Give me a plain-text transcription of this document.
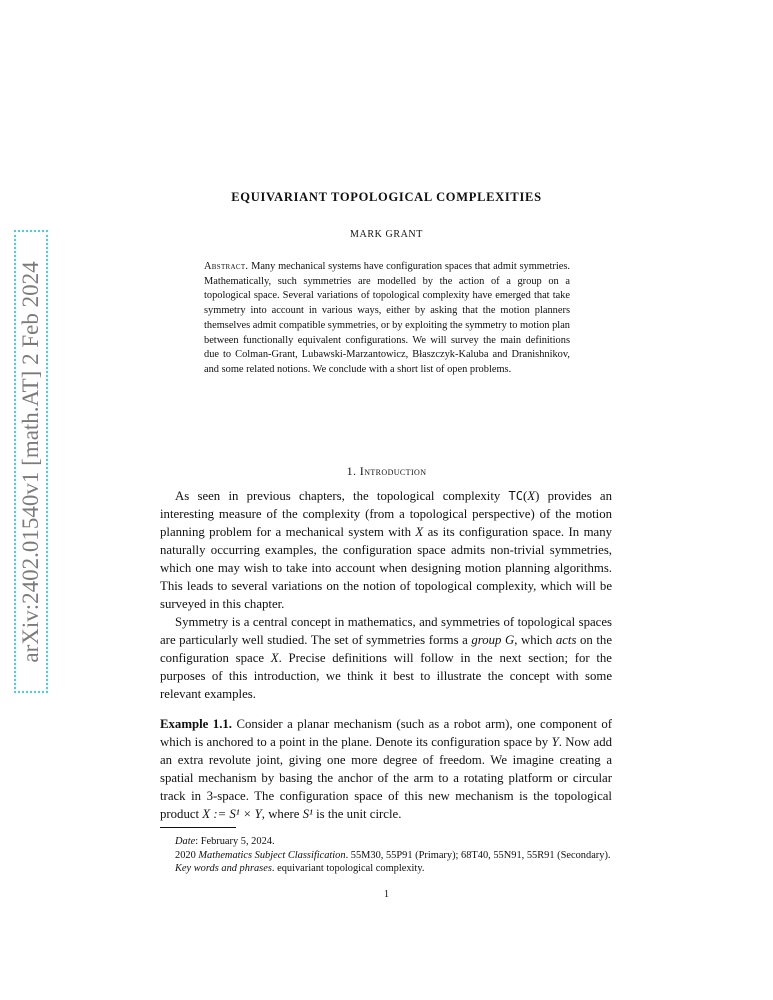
arXiv:2402.01540v1 [math.AT] 2 Feb 2024
EQUIVARIANT TOPOLOGICAL COMPLEXITIES
MARK GRANT
Abstract. Many mechanical systems have configuration spaces that admit symmetries. Mathematically, such symmetries are modelled by the action of a group on a topological space. Several variations of topological complexity have emerged that take symmetry into account in various ways, either by asking that the motion planners themselves admit compatible symmetries, or by exploiting the symmetry to motion plan between functionally equivalent configurations. We will survey the main definitions due to Colman-Grant, Lubawski-Marzantowicz, Błaszczyk-Kaluba and Dranishnikov, and some related notions. We conclude with a short list of open problems.
1. Introduction

As seen in previous chapters, the topological complexity TC(X) provides an interesting measure of the complexity (from a topological perspective) of the motion planning problem for a mechanical system with X as its configuration space. In many naturally occurring examples, the configuration space admits non-trivial symmetries, which one may wish to take into account when designing motion planning algorithms. This leads to several variations on the notion of topological complexity, which will be surveyed in this chapter.

Symmetry is a central concept in mathematics, and symmetries of topological spaces are particularly well studied. The set of symmetries forms a group G, which acts on the configuration space X. Precise definitions will follow in the next section; for the purposes of this introduction, we think it best to illustrate the concept with some relevant examples.

Example 1.1. Consider a planar mechanism (such as a robot arm), one component of which is anchored to a point in the plane. Denote its configuration space by Y. Now add an extra revolute joint, giving one more degree of freedom. We imagine creating a spatial mechanism by basing the anchor of the arm to a rotating platform or circular track in 3-space. The configuration space of this new mechanism is the topological product X := S¹ × Y, where S¹ is the unit circle.

Date: February 5, 2024.

2020 Mathematics Subject Classification. 55M30, 55P91 (Primary); 68T40, 55N91, 55R91 (Secondary).

Key words and phrases. equivariant topological complexity.

1
